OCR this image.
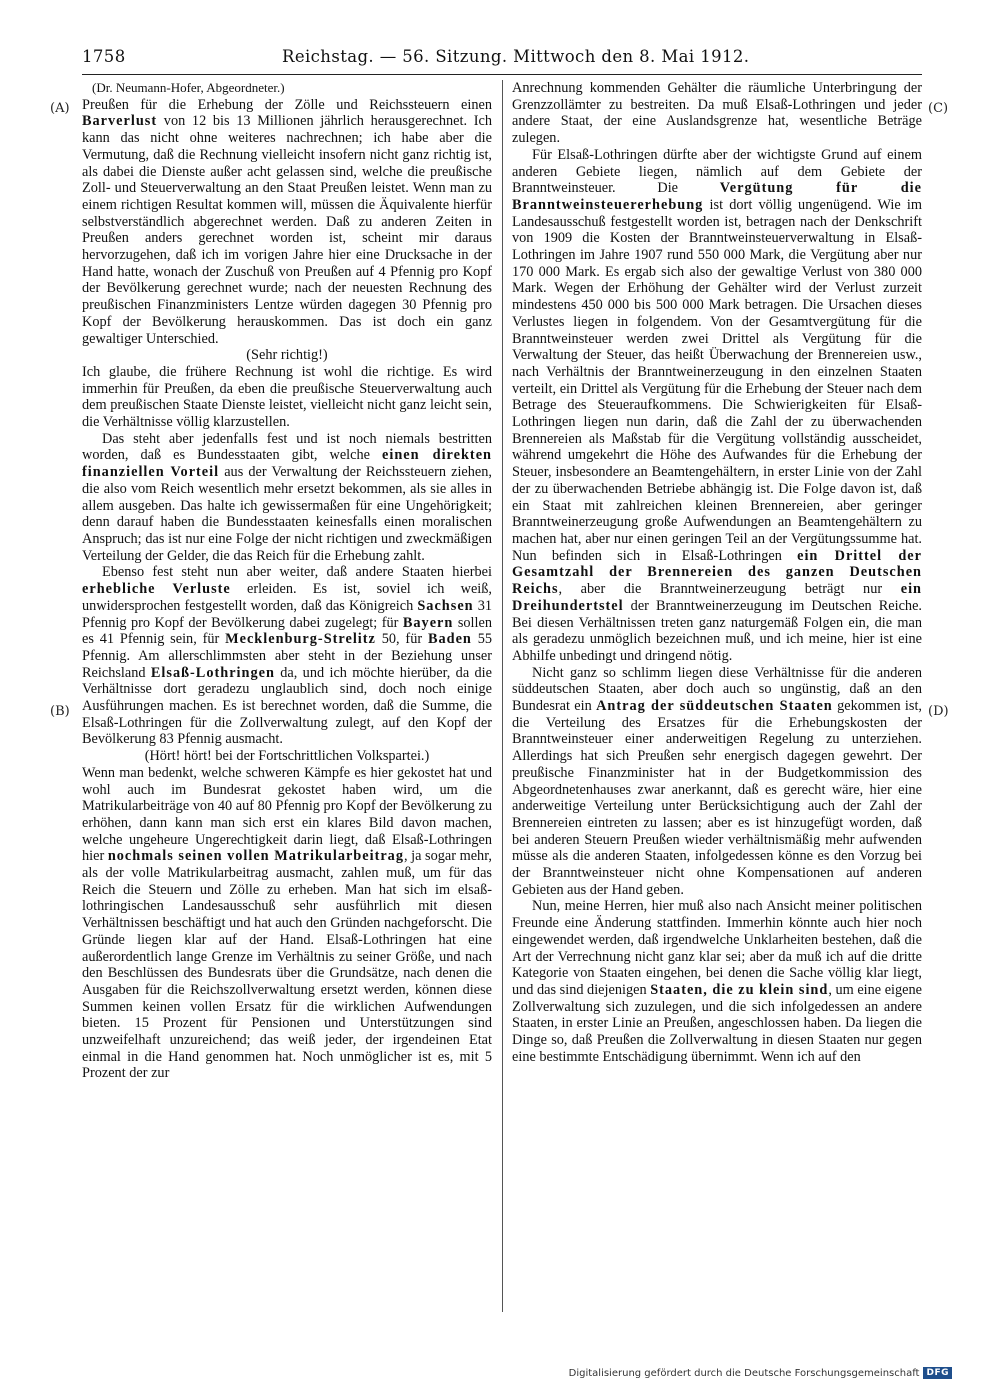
1758	Reichstag. — 56. Sitzung. Mittwoch den 8. Mai 1912.
(A)
(B)
(C)
(D)

(Dr. Neumann-Hofer, Abgeordneter.)

Preußen für die Erhebung der Zölle und Reichssteuern einen Barverlust von 12 bis 13 Millionen jährlich herausgerechnet. Ich kann das nicht ohne weiteres nachrechnen; ich habe aber die Vermutung, daß die Rechnung vielleicht insofern nicht ganz richtig ist, als dabei die Dienste außer acht gelassen sind, welche die preußische Zoll- und Steuerverwaltung an den Staat Preußen leistet. Wenn man zu einem richtigen Resultat kommen will, müssen die Äquivalente hierfür selbstverständlich abgerechnet werden. Daß zu anderen Zeiten in Preußen anders gerechnet worden ist, scheint mir daraus hervorzugehen, daß ich im vorigen Jahre hier eine Drucksache in der Hand hatte, wonach der Zuschuß von Preußen auf 4 Pfennig pro Kopf der Bevölkerung gerechnet wurde; nach der neuesten Rechnung des preußischen Finanzministers Lentze würden dagegen 30 Pfennig pro Kopf der Bevölkerung herauskommen. Das ist doch ein ganz gewaltiger Unterschied.

(Sehr richtig!)

Ich glaube, die frühere Rechnung ist wohl die richtige. Es wird immerhin für Preußen, da eben die preußische Steuerverwaltung auch dem preußischen Staate Dienste leistet, vielleicht nicht ganz leicht sein, die Verhältnisse völlig klarzustellen.

Das steht aber jedenfalls fest und ist noch niemals bestritten worden, daß es Bundesstaaten gibt, welche einen direkten finanziellen Vorteil aus der Verwaltung der Reichssteuern ziehen, die also vom Reich wesentlich mehr ersetzt bekommen, als sie alles in allem ausgeben. Das halte ich gewissermaßen für eine Ungehörigkeit; denn darauf haben die Bundesstaaten keinesfalls einen moralischen Anspruch; das ist nur eine Folge der nicht richtigen und zweckmäßigen Verteilung der Gelder, die das Reich für die Erhebung zahlt.

Ebenso fest steht nun aber weiter, daß andere Staaten hierbei erhebliche Verluste erleiden. Es ist, soviel ich weiß, unwidersprochen festgestellt worden, daß das Königreich Sachsen 31 Pfennig pro Kopf der Bevölkerung dabei zugelegt; für Bayern sollen es 41 Pfennig sein, für Mecklenburg-Strelitz 50, für Baden 55 Pfennig. Am allerschlimmsten aber steht in der Beziehung unser Reichsland Elsaß-Lothringen da, und ich möchte hierüber, da die Verhältnisse dort geradezu unglaublich sind, doch noch einige Ausführungen machen. Es ist berechnet worden, daß die Summe, die Elsaß-Lothringen für die Zollverwaltung zulegt, auf den Kopf der Bevölkerung 83 Pfennig ausmacht.

(Hört! hört! bei der Fortschrittlichen Volkspartei.)

Wenn man bedenkt, welche schweren Kämpfe es hier gekostet hat und wohl auch im Bundesrat gekostet haben wird, um die Matrikularbeiträge von 40 auf 80 Pfennig pro Kopf der Bevölkerung zu erhöhen, dann kann man sich erst ein klares Bild davon machen, welche ungeheure Ungerechtigkeit darin liegt, daß Elsaß-Lothringen hier nochmals seinen vollen Matrikularbeitrag, ja sogar mehr, als der volle Matrikularbeitrag ausmacht, zahlen muß, um für das Reich die Steuern und Zölle zu erheben. Man hat sich im elsaß-lothringischen Landesausschuß sehr ausführlich mit diesen Verhältnissen beschäftigt und hat auch den Gründen nachgeforscht. Die Gründe liegen klar auf der Hand. Elsaß-Lothringen hat eine außerordentlich lange Grenze im Verhältnis zu seiner Größe, und nach den Beschlüssen des Bundesrats über die Grundsätze, nach denen die Ausgaben für die Reichszollverwaltung ersetzt werden, können diese Summen keinen vollen Ersatz für die wirklichen Aufwendungen bieten. 15 Prozent für Pensionen und Unterstützungen sind unzweifelhaft unzureichend; das weiß jeder, der irgendeinen Etat einmal in die Hand genommen hat. Noch unmöglicher ist es, mit 5 Prozent der zur

Anrechnung kommenden Gehälter die räumliche Unterbringung der Grenzzollämter zu bestreiten. Da muß Elsaß-Lothringen und jeder andere Staat, der eine Auslandsgrenze hat, wesentliche Beträge zulegen.

Für Elsaß-Lothringen dürfte aber der wichtigste Grund auf einem anderen Gebiete liegen, nämlich auf dem Gebiete der Branntweinsteuer. Die Vergütung für die Branntweinsteuererhebung ist dort völlig ungenügend. Wie im Landesausschuß festgestellt worden ist, betragen nach der Denkschrift von 1909 die Kosten der Branntweinsteuerverwaltung in Elsaß-Lothringen im Jahre 1907 rund 550 000 Mark, die Vergütung aber nur 170 000 Mark. Es ergab sich also der gewaltige Verlust von 380 000 Mark. Wegen der Erhöhung der Gehälter wird der Verlust zurzeit mindestens 450 000 bis 500 000 Mark betragen. Die Ursachen dieses Verlustes liegen in folgendem. Von der Gesamtvergütung für die Branntweinsteuer werden zwei Drittel als Vergütung für die Verwaltung der Steuer, das heißt Überwachung der Brennereien usw., nach Verhältnis der Branntweinerzeugung in den einzelnen Staaten verteilt, ein Drittel als Vergütung für die Erhebung der Steuer nach dem Betrage des Steueraufkommens. Die Schwierigkeiten für Elsaß-Lothringen liegen nun darin, daß die Zahl der zu überwachenden Brennereien als Maßstab für die Vergütung vollständig ausscheidet, während umgekehrt die Höhe des Aufwandes für die Erhebung der Steuer, insbesondere an Beamtengehältern, in erster Linie von der Zahl der zu überwachenden Betriebe abhängig ist. Die Folge davon ist, daß ein Staat mit zahlreichen kleinen Brennereien, aber geringer Branntweinerzeugung große Aufwendungen an Beamtengehältern zu machen hat, aber nur einen geringen Teil an der Vergütungssumme hat. Nun befinden sich in Elsaß-Lothringen ein Drittel der Gesamtzahl der Brennereien des ganzen Deutschen Reichs, aber die Branntweinerzeugung beträgt nur ein Dreihundertstel der Branntweinerzeugung im Deutschen Reiche. Bei diesen Verhältnissen treten ganz naturgemäß Folgen ein, die man als geradezu unmöglich bezeichnen muß, und ich meine, hier ist eine Abhilfe unbedingt und dringend nötig.

Nicht ganz so schlimm liegen diese Verhältnisse für die anderen süddeutschen Staaten, aber doch auch so ungünstig, daß an den Bundesrat ein Antrag der süddeutschen Staaten gekommen ist, die Verteilung des Ersatzes für die Erhebungskosten der Branntweinsteuer einer anderweitigen Regelung zu unterziehen. Allerdings hat sich Preußen sehr energisch dagegen gewehrt. Der preußische Finanzminister hat in der Budgetkommission des Abgeordnetenhauses zwar anerkannt, daß es gerecht wäre, hier eine anderweitige Verteilung unter Berücksichtigung auch der Zahl der Brennereien eintreten zu lassen; aber es ist hinzugefügt worden, daß bei anderen Steuern Preußen wieder verhältnismäßig mehr aufwenden müsse als die anderen Staaten, infolgedessen könne es den Vorzug bei der Branntweinsteuer nicht ohne Kompensationen auf anderen Gebieten aus der Hand geben.

Nun, meine Herren, hier muß also nach Ansicht meiner politischen Freunde eine Änderung stattfinden. Immerhin könnte auch hier noch eingewendet werden, daß irgendwelche Unklarheiten bestehen, daß die Art der Verrechnung nicht ganz klar sei; aber da muß ich auf die dritte Kategorie von Staaten eingehen, bei denen die Sache völlig klar liegt, und das sind diejenigen Staaten, die zu klein sind, um eine eigene Zollverwaltung sich zuzulegen, und die sich infolgedessen an andere Staaten, in erster Linie an Preußen, angeschlossen haben. Da liegen die Dinge so, daß Preußen die Zollverwaltung in diesen Staaten nur gegen eine bestimmte Entschädigung übernimmt. Wenn ich auf den

Digitalisierung gefördert durch die Deutsche Forschungsgemeinschaft DFG
